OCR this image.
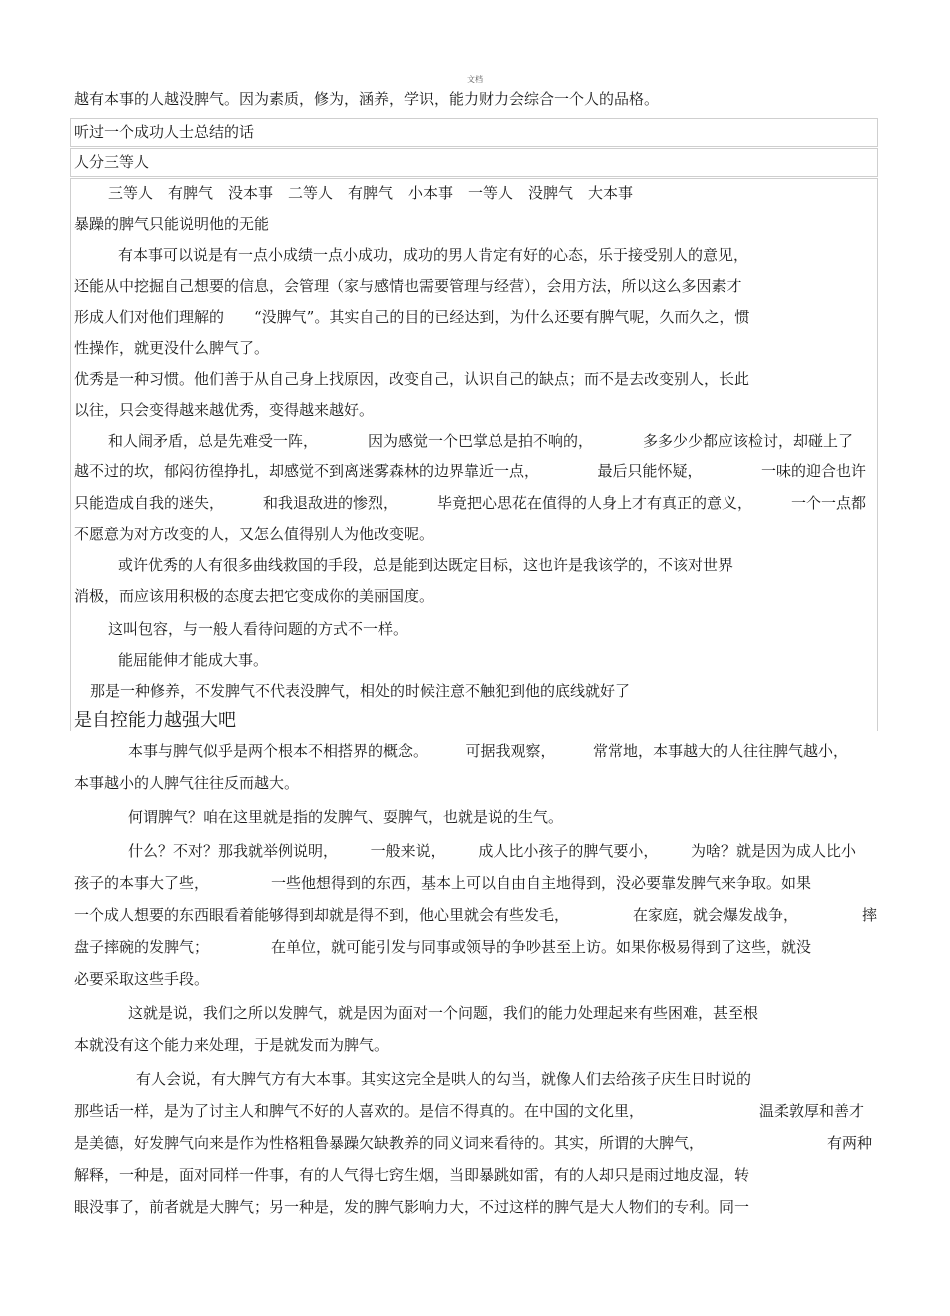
文档
越有本事的人越没脾气。因为素质，修为，涵养，学识，能力财力会综合一个人的品格。
听过一个成功人士总结的话
人分三等人
三等人　有脾气　没本事　二等人　有脾气　小本事　一等人　没脾气　大本事
暴躁的脾气只能说明他的无能
有本事可以说是有一点小成绩一点小成功，成功的男人肯定有好的心态，乐于接受别人的意见，
还能从中挖掘自己想要的信息，会管理（家与感情也需要管理与经营），会用方法，所以这么多因素才
形成人们对他们理解的　　“没脾气”。其实自己的目的已经达到，为什么还要有脾气呢，久而久之，惯
性操作，就更没什么脾气了。
优秀是一种习惯。他们善于从自己身上找原因，改变自己，认识自己的缺点；而不是去改变别人，长此
以往，只会变得越来越优秀，变得越来越好。
和人闹矛盾，总是先难受一阵，	因为感觉一个巴掌总是拍不响的，	多多少少都应该检讨，却碰上了
越不过的坎，郁闷彷徨挣扎，却感觉不到离迷雾森林的边界靠近一点，	最后只能怀疑，	一味的迎合也许
只能造成自我的迷失，	和我退敌进的惨烈，	毕竟把心思花在值得的人身上才有真正的意义，	一个一点都
不愿意为对方改变的人，又怎么值得别人为他改变呢。
或许优秀的人有很多曲线救国的手段，总是能到达既定目标，这也许是我该学的，不该对世界
消极，而应该用积极的态度去把它变成你的美丽国度。
这叫包容，与一般人看待问题的方式不一样。
能屈能伸才能成大事。
那是一种修养，不发脾气不代表没脾气，相处的时候注意不触犯到他的底线就好了
是自控能力越强大吧
本事与脾气似乎是两个根本不相搭界的概念。 可据我观察， 常常地，本事越大的人往往脾气越小，
本事越小的人脾气往往反而越大。
何谓脾气？咱在这里就是指的发脾气、耍脾气，也就是说的生气。
什么？不对？那我就举例说明， 一般来说， 成人比小孩子的脾气要小， 为啥？就是因为成人比小
孩子的本事大了些，	一些他想得到的东西，基本上可以自由自主地得到，没必要靠发脾气来争取。如果
一个成人想要的东西眼看着能够得到却就是得不到，他心里就会有些发毛，	在家庭，就会爆发战争，	摔
盘子摔碗的发脾气；	在单位，就可能引发与同事或领导的争吵甚至上访。如果你极易得到了这些，就没
必要采取这些手段。
这就是说，我们之所以发脾气，就是因为面对一个问题，我们的能力处理起来有些困难，甚至根
本就没有这个能力来处理，于是就发而为脾气。
有人会说，有大脾气方有大本事。其实这完全是哄人的勾当，就像人们去给孩子庆生日时说的
那些话一样，是为了讨主人和脾气不好的人喜欢的。是信不得真的。在中国的文化里，	温柔敦厚和善才
是美德，好发脾气向来是作为性格粗鲁暴躁欠缺教养的同义词来看待的。其实，所谓的大脾气，	有两种
解释，一种是，面对同样一件事，有的人气得七窍生烟，当即暴跳如雷，有的人却只是雨过地皮湿，转
眼没事了，前者就是大脾气；另一种是，发的脾气影响力大，不过这样的脾气是大人物们的专利。同一
